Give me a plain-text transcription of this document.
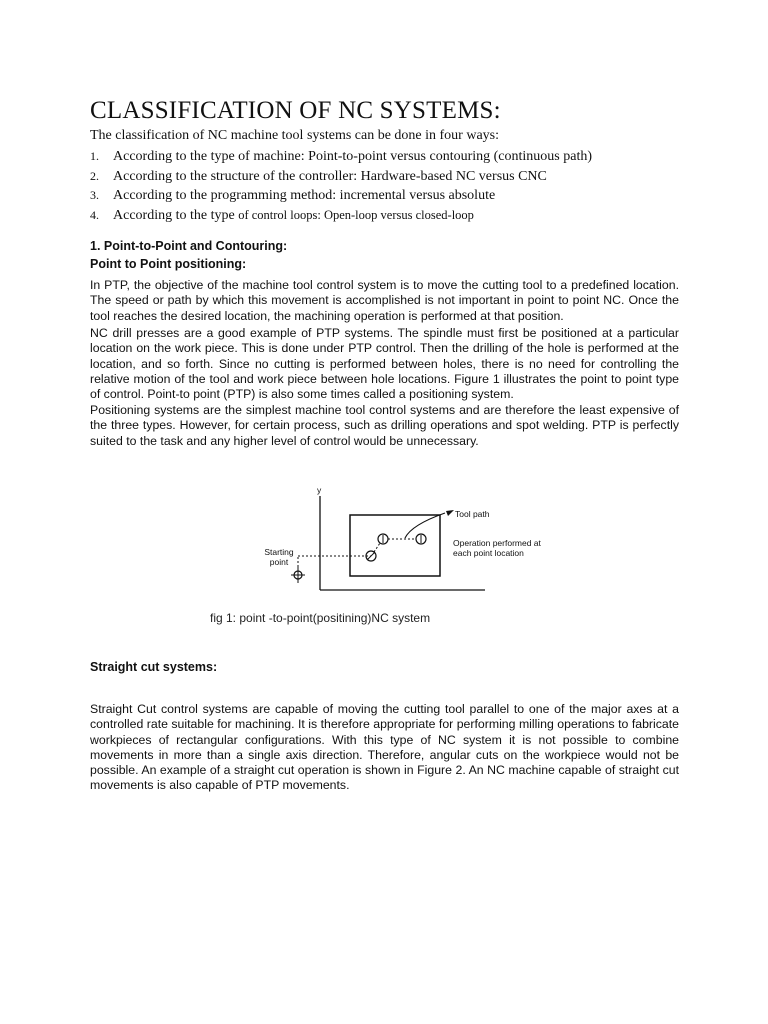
CLASSIFICATION OF NC SYSTEMS:
The classification of NC machine tool systems can be done in four ways:
1. According to the type of machine: Point-to-point versus contouring (continuous path)
2. According to the structure of the controller: Hardware-based NC versus CNC
3. According to the programming method: incremental versus absolute
4. According to the type of control loops: Open-loop versus closed-loop
1. Point-to-Point and Contouring:
Point to Point positioning:

In PTP, the objective of the machine tool control system is to move the cutting tool to a predefined location. The speed or path by which this movement is accomplished is not important in point to point NC. Once the tool reaches the desired location, the machining operation is performed at that position.

NC drill presses are a good example of PTP systems. The spindle must first be positioned at a particular location on the work piece. This is done under PTP control. Then the drilling of the hole is performed at the location, and so forth. Since no cutting is performed between holes, there is no need for controlling the relative motion of the tool and work piece between hole locations. Figure 1 illustrates the point to point type of control. Point-to point (PTP) is also some times called a positioning system.

Positioning systems are the simplest machine tool control systems and are therefore the least expensive of the three types. However, for certain process, such as drilling operations and spot welding. PTP is perfectly suited to the task and any higher level of control would be unnecessary.

y
Tool path
Operation performed at
each point location
Starting
point
fig 1: point -to-point(positining)NC system
Straight cut systems:

Straight Cut control systems are capable of moving the cutting tool parallel to one of the major axes at a controlled rate suitable for machining. It is therefore appropriate for performing milling operations to fabricate workpieces of rectangular configurations. With this type of NC system it is not possible to combine movements in more than a single axis direction. Therefore, angular cuts on the workpiece would not be possible. An example of a straight cut operation is shown in Figure 2. An NC machine capable of straight cut movements is also capable of PTP movements.
